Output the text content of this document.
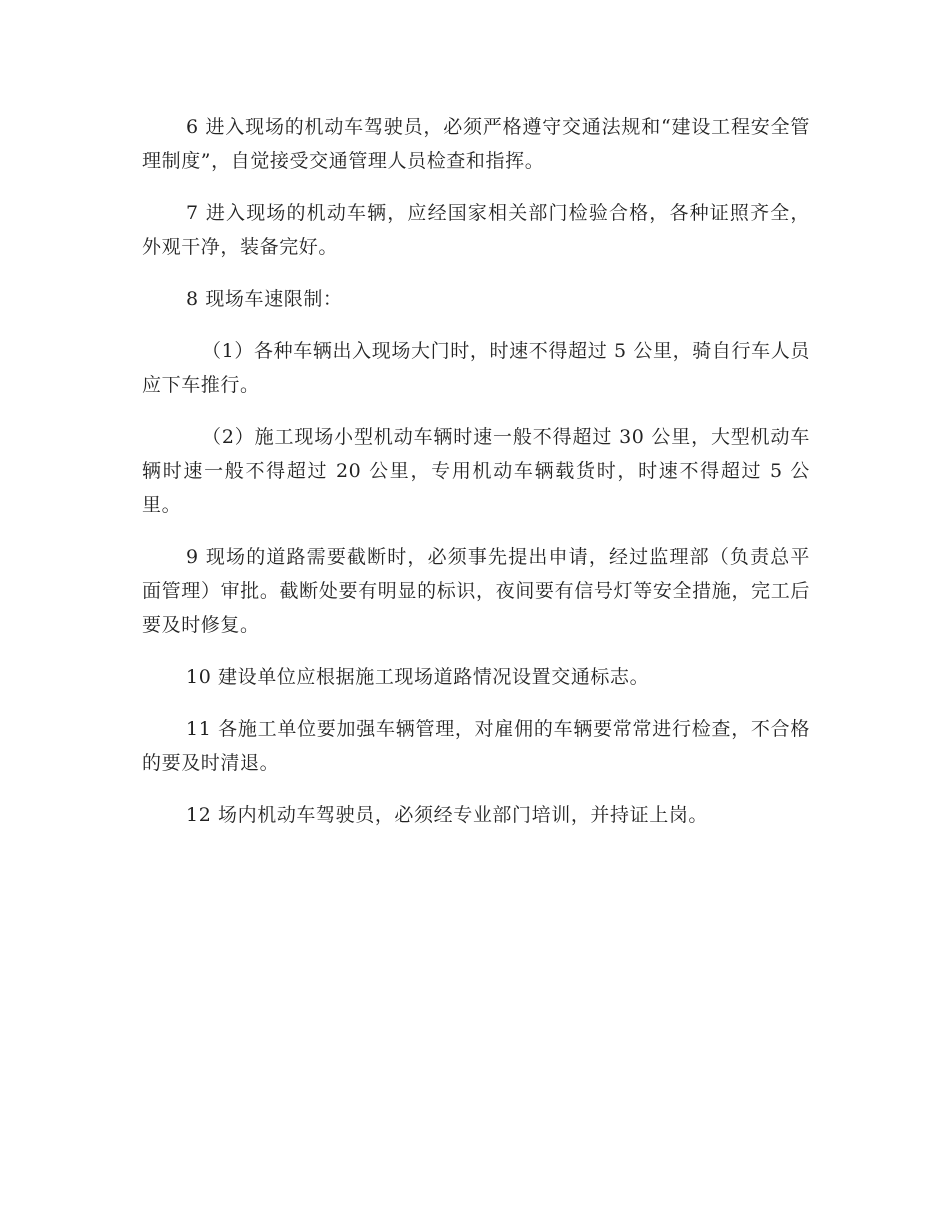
6 进入现场的机动车驾驶员，必须严格遵守交通法规和“建设工程安全管理制度”，自觉接受交通管理人员检查和指挥。

7 进入现场的机动车辆，应经国家相关部门检验合格，各种证照齐全，外观干净，装备完好。

8 现场车速限制：

（1）各种车辆出入现场大门时，时速不得超过 5 公里，骑自行车人员应下车推行。

（2）施工现场小型机动车辆时速一般不得超过 30 公里，大型机动车辆时速一般不得超过 20 公里，专用机动车辆载货时，时速不得超过 5 公里。

9 现场的道路需要截断时，必须事先提出申请，经过监理部（负责总平面管理）审批。截断处要有明显的标识，夜间要有信号灯等安全措施，完工后要及时修复。

10 建设单位应根据施工现场道路情况设置交通标志。

11 各施工单位要加强车辆管理，对雇佣的车辆要常常进行检查，不合格的要及时清退。

12 场内机动车驾驶员，必须经专业部门培训，并持证上岗。
